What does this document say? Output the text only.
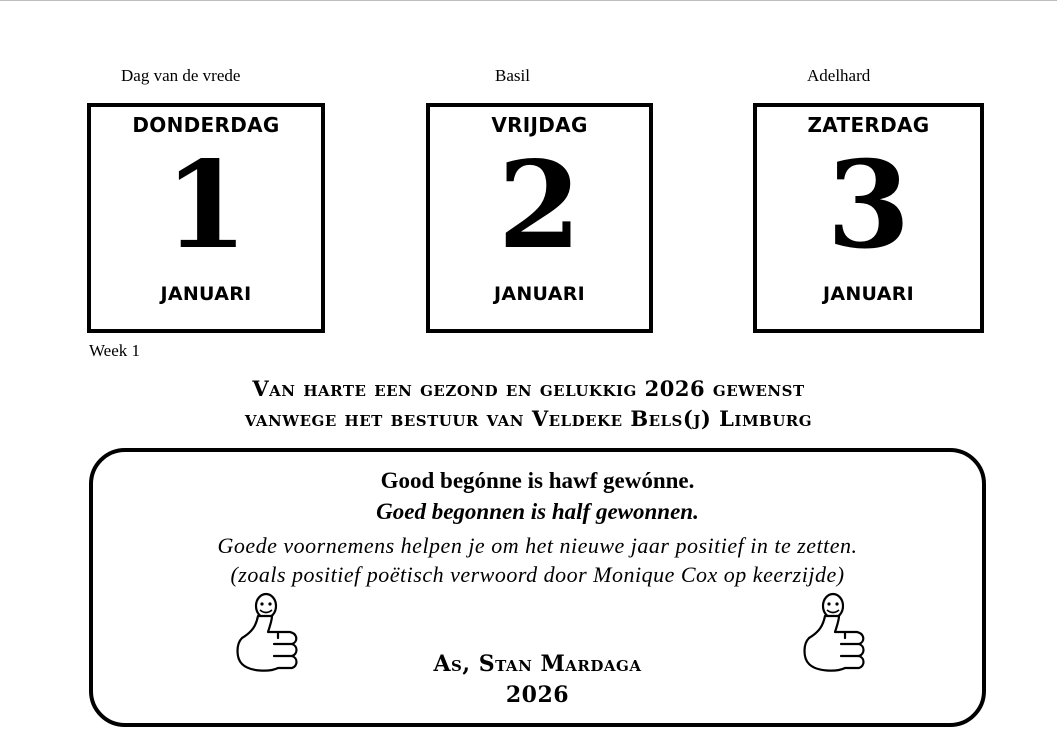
Dag van de vrede	Basil	Adelhard
DONDERDAG
1
JANUARI
VRIJDAG
2
JANUARI
ZATERDAG
3
JANUARI
Week 1
Van harte een gezond en gelukkig 2026 gewenst
vanwege het bestuur van Veldeke Bels(j) Limburg
Good begónne is hawf gewónne.
Goed begonnen is half gewonnen.
Goede voornemens helpen je om het nieuwe jaar positief in te zetten.
(zoals positief poëtisch verwoord door Monique Cox op keerzijde)
As, Stan Mardaga
2026
